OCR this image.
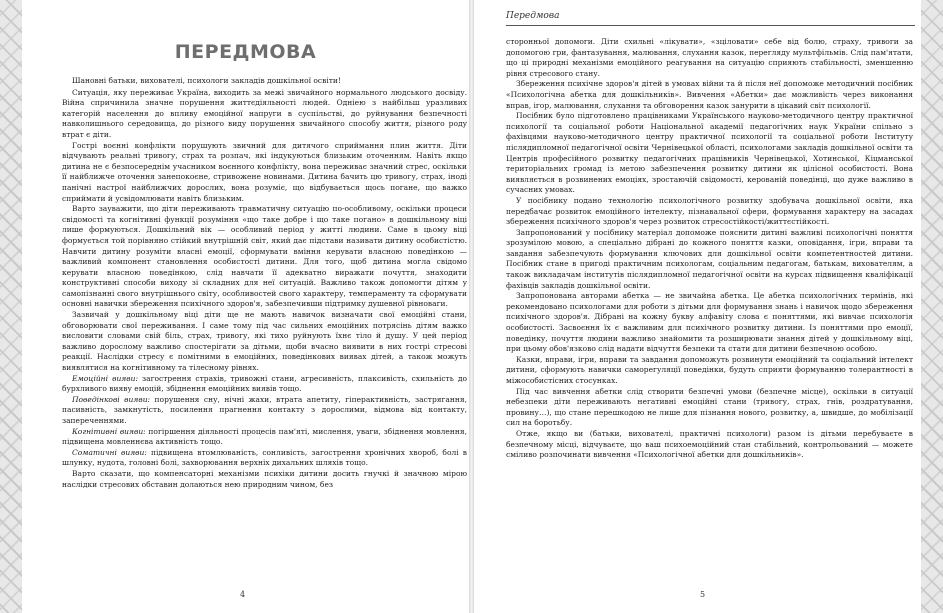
ПЕРЕДМОВА

Шановні батьки, вихователі, психологи закладів дошкільної освіти!

Ситуація, яку переживає Україна, виходить за межі звичайного нормального людського досвіду. Війна спричинила значне порушення життєдіяльності людей. Одніею з найбільш уразливих категорій населення до впливу емоційної напруги в суспільстві, до руйнування безпечності навколишнього середовища, до різного виду порушення звичайного способу життя, різного роду втрат є діти.

Гострі воєнні конфлікти порушують звичний для дитячого сприймання плин життя. Діти відчувають реальні тривогу, страх та розпач, які індукуються близьким оточенням. Навіть якщо дитина не є безпосереднім учасником воєнного конфлікту, вона переживає значний стрес, оскільки її найближче оточення занепокоєне, стривожене новинами. Дитина бачить цю тривогу, страх, іноді панічні настрої найближчих дорослих, вона розуміє, що відбувається щось погане, що важко сприймати й усвідомлювати навіть близьким.

Варто зауважити, що діти переживають травматичну ситуацію по-особливому, оскільки процеси свідомості та когнітивні функції розуміння «що таке добре і що таке погано» в дошкільному віці лише формуються. Дошкільний вік — особливий період у житті людини. Саме в цьому віці формується той порівняно стійкий внутрішній світ, який дає підстави називати дитину особистістю. Навчити дитину розуміти власні емоції, сформувати вміння керувати власною поведінкою — важливий компонент становлення особистості дитини. Для того, щоб дитина могла свідомо керувати власною поведінкою, слід навчати її адекватно виражати почуття, знаходити конструктивні способи виходу зі складних для неї ситуацій. Важливо також допомогти дітям у самопізнанні свого внутрішнього світу, особливостей свого характеру, темпераменту та сформувати основні навички збереження психічного здоров'я, забезпечивши підтримку душевної рівноваги.

Зазвичай у дошкільному віці діти ще не мають навичок визначати свої емоційні стани, обговорювати свої переживання. І саме тому під час сильних емоційних потрясінь дітям важко висловити словами свій біль, страх, тривогу, які тихо руйнують їхнє тіло й душу. У цей період важливо дорослому важливо спостерігати за дітьми, щоби вчасно виявити в них гострі стресові реакції. Наслідки стресу є помітними в емоційних, поведінкових виявах дітей, а також можуть виявлятися на когнітивному та тілесному рівнях.

Емоційні вияви: загострення страхів, тривожні стани, агресивність, плаксивість, схильність до бурхливого вияву емоцій, збіднення емоційних виявів тощо.

Поведінкові вияви: порушення сну, нічні жахи, втрата апетиту, гіперактивність, застрягання, пасивність, замкнутість, посилення прагнення контакту з дорослими, відмова від контакту, запереченнями.

Когнітивні вияви: погіршення діяльності процесів пам'яті, мислення, уваги, збіднення мовлення, підвищена мовленнєва активність тощо.

Соматичні вияви: підвищена втомлюваність, сонливість, загострення хронічних хвороб, болі в шлунку, нудота, головні болі, захворювання верхніх дихальних шляхів тощо.

Варто сказати, що компенсаторні механізми психіки дитини досить гнучкі й значною мірою наслідки стресових обставин долаються нею природним чином, без

4
Передмова

сторонньої допомоги. Діти схильні «лікувати», «зціловати» себе від болю, страху, тривоги за допомогою гри, фантазування, малювання, слухання казок, перегляду мультфільмів. Слід пам'ятати, що ці природні механізми емоційного реагування на ситуацію сприяють стабільності, зменшенню рівня стресового стану.

Збереження психічне здоров'я дітей в умовах війни та й після неї допоможе методичний посібник «Психологічна абетка для дошкільників». Вивчення «Абетки» дає можливість через виконання вправ, ігор, малювання, слухання та обговорення казок занурити в цікавий світ психології.

Посібник було підготовлено працівниками Українського науково-методичного центру практичної психології та соціальної роботи Національної академії педагогічних наук України спільно з фахівцями науково-методичного центру практичної психології та соціальної роботи Інституту післядипломної педагогічної освіти Чернівецької області, психологами закладів дошкільної освіти та Центрів професійного розвитку педагогічних працівників Чернівецької, Хотинської, Кіцманської територіальних громад із метою забезпечення розвитку дитини як цілісної особистості. Вона виявляється в розвинених емоціях, зростаючій свідомості, керованій поведінці, що дуже важливо в сучасних умовах.

У посібнику подано технологію психологічного розвитку здобувача дошкільної освіти, яка передбачає розвиток емоційного інтелекту, пізнавальної сфери, формування характеру на засадах збереження психічного здоров'я через розвиток стресостійкості/життєстійкості.

Запропонований у посібнику матеріал допоможе пояснити дитині важливі психологічні поняття зрозумілою мовою, а спеціально дібрані до кожного поняття казки, оповідання, ігри, вправи та завдання забезпечують формування ключових для дошкільної освіти компетентностей дитини. Посібник стане в пригоді практичним психологам, соціальним педагогам, батькам, вихователям, а також викладачам інститутів післядипломної педагогічної освіти на курсах підвищення кваліфікації фахівців закладів дошкільної освіти.

Запропонована авторами абетка — не звичайна абетка. Це абетка психологічних термінів, які рекомендовано психологами для роботи з дітьми для формування знань і навичок щодо збереження психічного здоров'я. Дібрані на кожну букву алфавіту слова є поняттями, які вивчає психологія особистості. Засвоєння їх є важливим для психічного розвитку дитини. Із поняттями про емоції, поведінку, почуття людини важливо знайомити та розширювати знання дітей у дошкільному віці, при цьому обов'язково слід надати відчуття безпеки та стати для дитини безпечною особою.

Казки, вправи, ігри, вправи та завдання допоможуть розвинути емоційний та соціальний інтелект дитини, сформують навички саморегуляції поведінки, будуть сприяти формуванню толерантності в міжособистісних стосунках.

Під час вивчення абетки слід створити безпечні умови (безпечне місце), оскільки в ситуації небезпеки діти переживають негативні емоційні стани (тривогу, страх, гнів, роздратування, провину…), що стане перешкодою не лише для пізнання нового, розвитку, а, швидше, до мобілізації сил на боротьбу.

Отже, якщо ви (батьки, вихователі, практичні психологи) разом із дітьми перебуваєте в безпечному місці, відчуваєте, що ваш психоемоційний стан стабільний, контрольований — можете сміливо розпочинати вивчення «Психологічної абетки для дошкільників».

5
